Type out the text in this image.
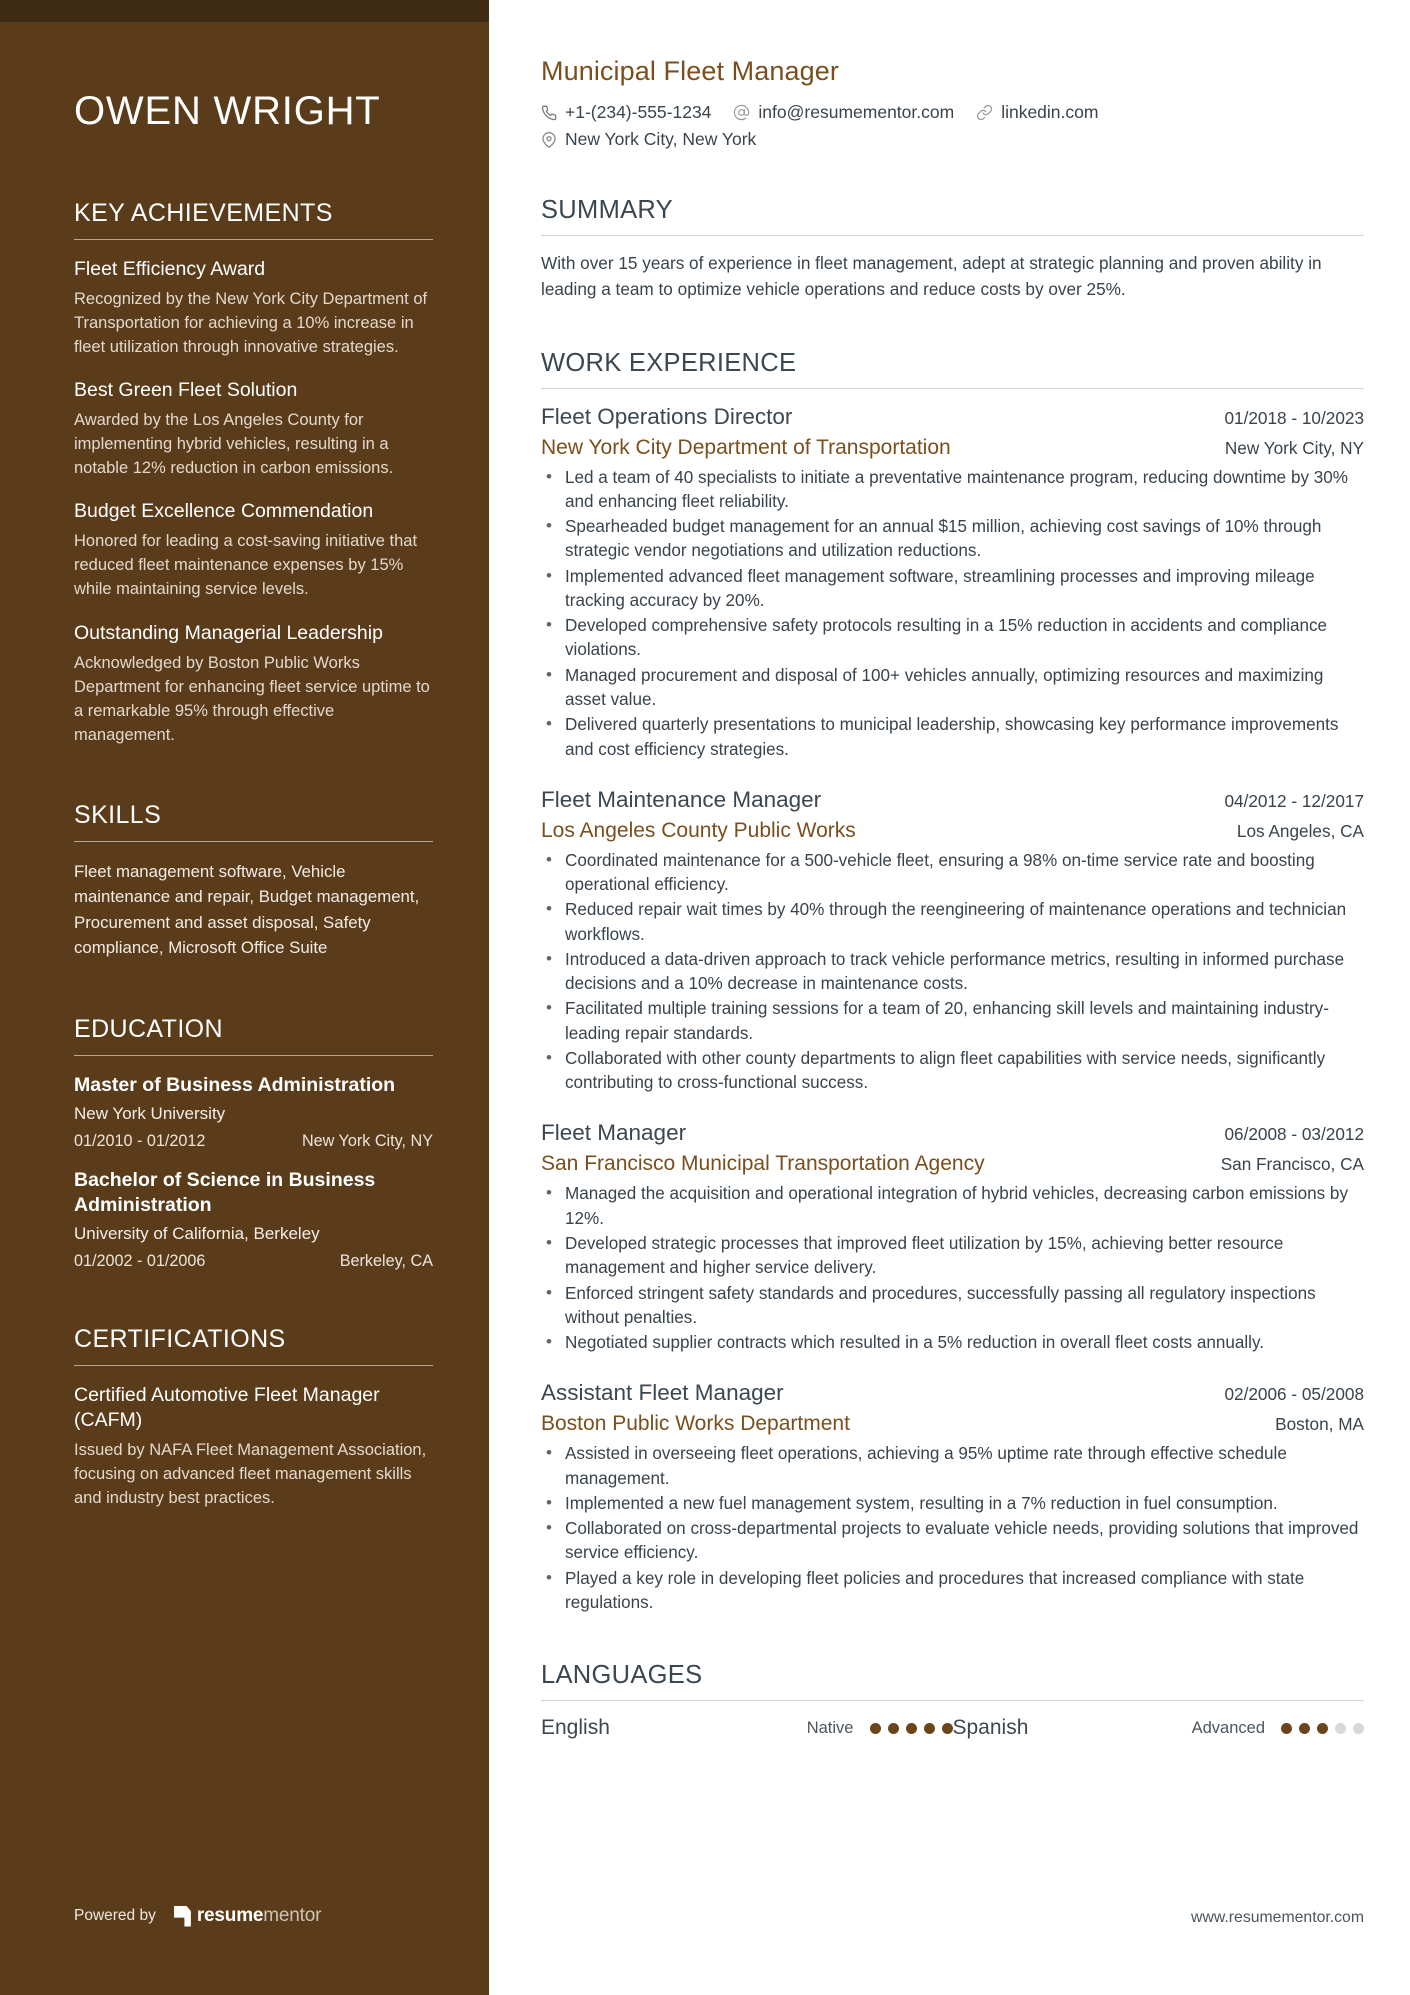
OWEN WRIGHT
KEY ACHIEVEMENTS
Fleet Efficiency Award
Recognized by the New York City Department of Transportation for achieving a 10% increase in fleet utilization through innovative strategies.
Best Green Fleet Solution
Awarded by the Los Angeles County for implementing hybrid vehicles, resulting in a notable 12% reduction in carbon emissions.
Budget Excellence Commendation
Honored for leading a cost-saving initiative that reduced fleet maintenance expenses by 15% while maintaining service levels.
Outstanding Managerial Leadership
Acknowledged by Boston Public Works Department for enhancing fleet service uptime to a remarkable 95% through effective management.
SKILLS
Fleet management software, Vehicle maintenance and repair, Budget management, Procurement and asset disposal, Safety compliance, Microsoft Office Suite
EDUCATION
Master of Business Administration
New York University
01/2010 - 01/2012	New York City, NY
Bachelor of Science in Business Administration
University of California, Berkeley
01/2002 - 01/2006	Berkeley, CA
CERTIFICATIONS
Certified Automotive Fleet Manager (CAFM)
Issued by NAFA Fleet Management Association, focusing on advanced fleet management skills and industry best practices.
Powered by resumementor
Municipal Fleet Manager
+1-(234)-555-1234	info@resumementor.com	linkedin.com
New York City, New York
SUMMARY

With over 15 years of experience in fleet management, adept at strategic planning and proven ability in leading a team to optimize vehicle operations and reduce costs by over 25%.

WORK EXPERIENCE
Fleet Operations Director	01/2018 - 10/2023
New York City Department of Transportation	New York City, NY
• Led a team of 40 specialists to initiate a preventative maintenance program, reducing downtime by 30% and enhancing fleet reliability.
• Spearheaded budget management for an annual $15 million, achieving cost savings of 10% through strategic vendor negotiations and utilization reductions.
• Implemented advanced fleet management software, streamlining processes and improving mileage tracking accuracy by 20%.
• Developed comprehensive safety protocols resulting in a 15% reduction in accidents and compliance violations.
• Managed procurement and disposal of 100+ vehicles annually, optimizing resources and maximizing asset value.
• Delivered quarterly presentations to municipal leadership, showcasing key performance improvements and cost efficiency strategies.
Fleet Maintenance Manager	04/2012 - 12/2017
Los Angeles County Public Works	Los Angeles, CA
• Coordinated maintenance for a 500-vehicle fleet, ensuring a 98% on-time service rate and boosting operational efficiency.
• Reduced repair wait times by 40% through the reengineering of maintenance operations and technician workflows.
• Introduced a data-driven approach to track vehicle performance metrics, resulting in informed purchase decisions and a 10% decrease in maintenance costs.
• Facilitated multiple training sessions for a team of 20, enhancing skill levels and maintaining industry-leading repair standards.
• Collaborated with other county departments to align fleet capabilities with service needs, significantly contributing to cross-functional success.
Fleet Manager	06/2008 - 03/2012
San Francisco Municipal Transportation Agency	San Francisco, CA
• Managed the acquisition and operational integration of hybrid vehicles, decreasing carbon emissions by 12%.
• Developed strategic processes that improved fleet utilization by 15%, achieving better resource management and higher service delivery.
• Enforced stringent safety standards and procedures, successfully passing all regulatory inspections without penalties.
• Negotiated supplier contracts which resulted in a 5% reduction in overall fleet costs annually.
Assistant Fleet Manager	02/2006 - 05/2008
Boston Public Works Department	Boston, MA
• Assisted in overseeing fleet operations, achieving a 95% uptime rate through effective schedule management.
• Implemented a new fuel management system, resulting in a 7% reduction in fuel consumption.
• Collaborated on cross-departmental projects to evaluate vehicle needs, providing solutions that improved service efficiency.
• Played a key role in developing fleet policies and procedures that increased compliance with state regulations.
LANGUAGES
English	Native	Spanish	Advanced
www.resumementor.com
